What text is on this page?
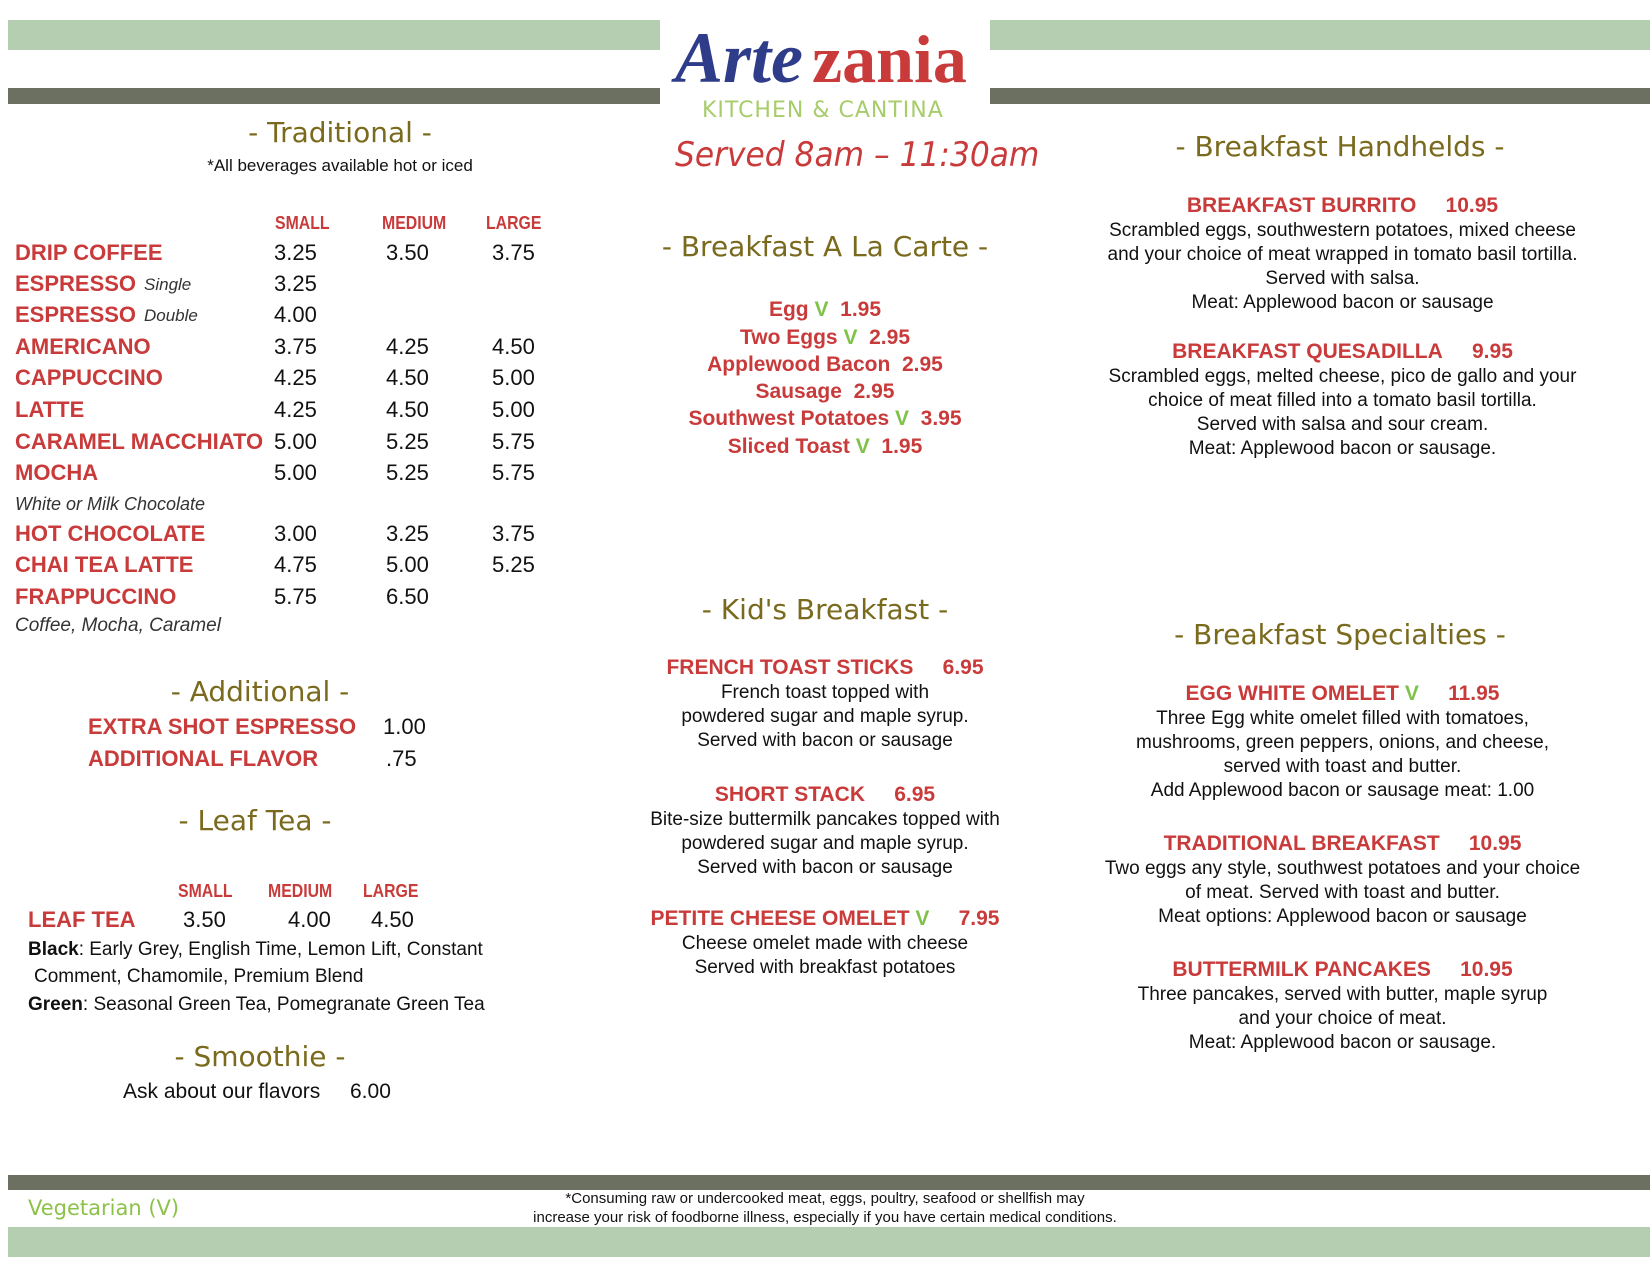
Arte zania
KITCHEN & CANTINA
Served 8am – 11:30am
- Traditional -
*All beverages available hot or iced
SMALL	MEDIUM LARGE
DRIP COFFEE	3.25	3.50	3.75
ESPRESSO Single	3.25
ESPRESSO Double	4.00
AMERICANO	3.75	4.25	4.50
CAPPUCCINO	4.25	4.50	5.00
LATTE	4.25	4.50	5.00
CARAMEL MACCHIATO 5.00	5.25	5.75
MOCHA	5.00	5.25	5.75
HOT CHOCOLATE	3.00	3.25	3.75
CHAI TEA LATTE	4.75	5.00	5.25
FRAPPUCCINO	5.75	6.50
White or Milk Chocolate
Coffee, Mocha, Caramel
- Additional -
EXTRA SHOT ESPRESSO 1.00
ADDITIONAL FLAVOR	.75
- Leaf Tea -
SMALL MEDIUM LARGE
LEAF TEA 3.50	4.00 4.50
Black: Early Grey, English Time, Lemon Lift, Constant
Comment, Chamomile, Premium Blend
Green: Seasonal Green Tea, Pomegranate Green Tea
- Smoothie -
Ask about our flavors 6.00
- Breakfast A La Carte -
Egg V 1.95
Two Eggs V 2.95
Applewood Bacon 2.95
Sausage 2.95
Southwest Potatoes V 3.95
Sliced Toast V 1.95
- Kid's Breakfast -
FRENCH TOAST STICKS 6.95
French toast topped with
powdered sugar and maple syrup.
Served with bacon or sausage
SHORT STACK 6.95
Bite-size buttermilk pancakes topped with
powdered sugar and maple syrup.
Served with bacon or sausage
PETITE CHEESE OMELET V 7.95
Cheese omelet made with cheese
Served with breakfast potatoes
- Breakfast Handhelds -
BREAKFAST BURRITO 10.95
Scrambled eggs, southwestern potatoes, mixed cheese
and your choice of meat wrapped in tomato basil tortilla.
Served with salsa.
Meat: Applewood bacon or sausage
BREAKFAST QUESADILLA 9.95
Scrambled eggs, melted cheese, pico de gallo and your
choice of meat filled into a tomato basil tortilla.
Served with salsa and sour cream.
Meat: Applewood bacon or sausage.
- Breakfast Specialties -
EGG WHITE OMELET V 11.95
Three Egg white omelet filled with tomatoes,
mushrooms, green peppers, onions, and cheese,
served with toast and butter.
Add Applewood bacon or sausage meat: 1.00
TRADITIONAL BREAKFAST 10.95
Two eggs any style, southwest potatoes and your choice
of meat. Served with toast and butter.
Meat options: Applewood bacon or sausage
BUTTERMILK PANCAKES 10.95
Three pancakes, served with butter, maple syrup
and your choice of meat.
Meat: Applewood bacon or sausage.
Vegetarian (V)	*Consuming raw or undercooked meat, eggs, poultry, seafood or shellfish may
increase your risk of foodborne illness, especially if you have certain medical conditions.
